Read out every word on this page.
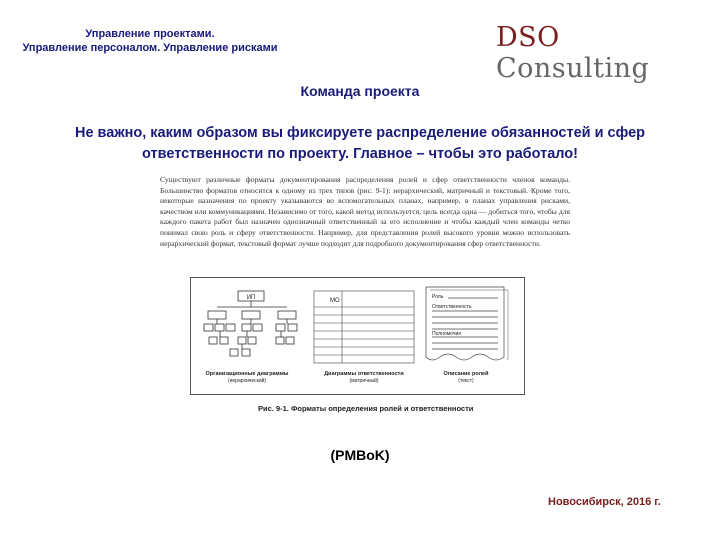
Управление проектами.
Управление персоналом. Управление рисками	DSO Consulting
Команда проекта
Не важно, каким образом вы фиксируете распределение обязанностей и сфер ответственности по проекту. Главное – чтобы это работало!
Существуют различные форматы документирования распределения ролей и сфер ответственности членов команды. Большинство форматов относится к одному из трех типов (рис. 9-1): иерархический, матричный и текстовый. Кроме того, некоторые назначения по проекту указываются во вспомогательных планах, например, в планах управления рисками, качеством или коммуникациями. Независимо от того, какой метод используется, цель всегда одна — добиться того, чтобы для каждого пакета работ был назначен однозначный ответственный за его исполнение и чтобы каждый член команды четко понимал свою роль и сферу ответственности. Например, для представления ролей высокого уровня можно использовать иерархический формат, текстовый формат лучше подходит для подробного документирования сфер ответственности.
ИП
Организационные диаграммы
(иерархический)
МО
Диаграммы ответственности
(матричный)
Роль
Ответственность
Полномочия
Описание ролей
(текст)
Рис. 9-1. Форматы определения ролей и ответственности
(PMBoK)
Новосибирск, 2016 г.
